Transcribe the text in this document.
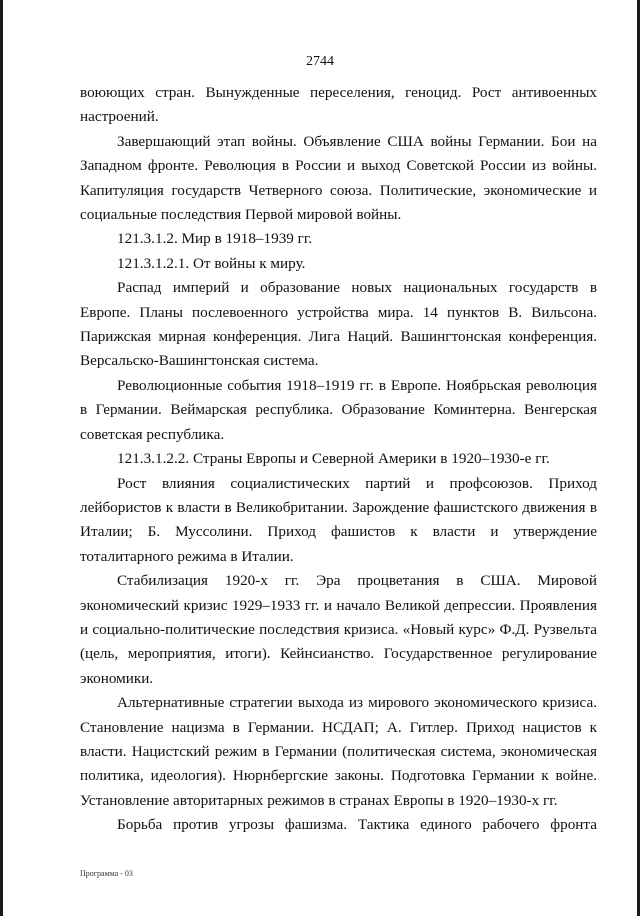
2744

воюющих стран. Вынужденные переселения, геноцид. Рост антивоенных настроений.

Завершающий этап войны. Объявление США войны Германии. Бои на Западном фронте. Революция в России и выход Советской России из войны. Капитуляция государств Четверного союза. Политические, экономические и социальные последствия Первой мировой войны.

121.3.1.2. Мир в 1918–1939 гг.

121.3.1.2.1. От войны к миру.

Распад империй и образование новых национальных государств в Европе. Планы послевоенного устройства мира. 14 пунктов В. Вильсона. Парижская мирная конференция. Лига Наций. Вашингтонская конференция. Версальско-Вашингтонская система.

Революционные события 1918–1919 гг. в Европе. Ноябрьская революция в Германии. Веймарская республика. Образование Коминтерна. Венгерская советская республика.

121.3.1.2.2. Страны Европы и Северной Америки в 1920–1930-е гг.

Рост влияния социалистических партий и профсоюзов. Приход лейбористов к власти в Великобритании. Зарождение фашистского движения в Италии; Б. Муссолини. Приход фашистов к власти и утверждение тоталитарного режима в Италии.

Стабилизация 1920-х гг. Эра процветания в США. Мировой экономический кризис 1929–1933 гг. и начало Великой депрессии. Проявления и социально-политические последствия кризиса. «Новый курс» Ф.Д. Рузвельта (цель, мероприятия, итоги). Кейнсианство. Государственное регулирование экономики.

Альтернативные стратегии выхода из мирового экономического кризиса. Становление нацизма в Германии. НСДАП; А. Гитлер. Приход нацистов к власти. Нацистский режим в Германии (политическая система, экономическая политика, идеология). Нюрнбергские законы. Подготовка Германии к войне. Установление авторитарных режимов в странах Европы в 1920–1930-х гг.

Борьба против угрозы фашизма. Тактика единого рабочего фронта

Программа - 03
